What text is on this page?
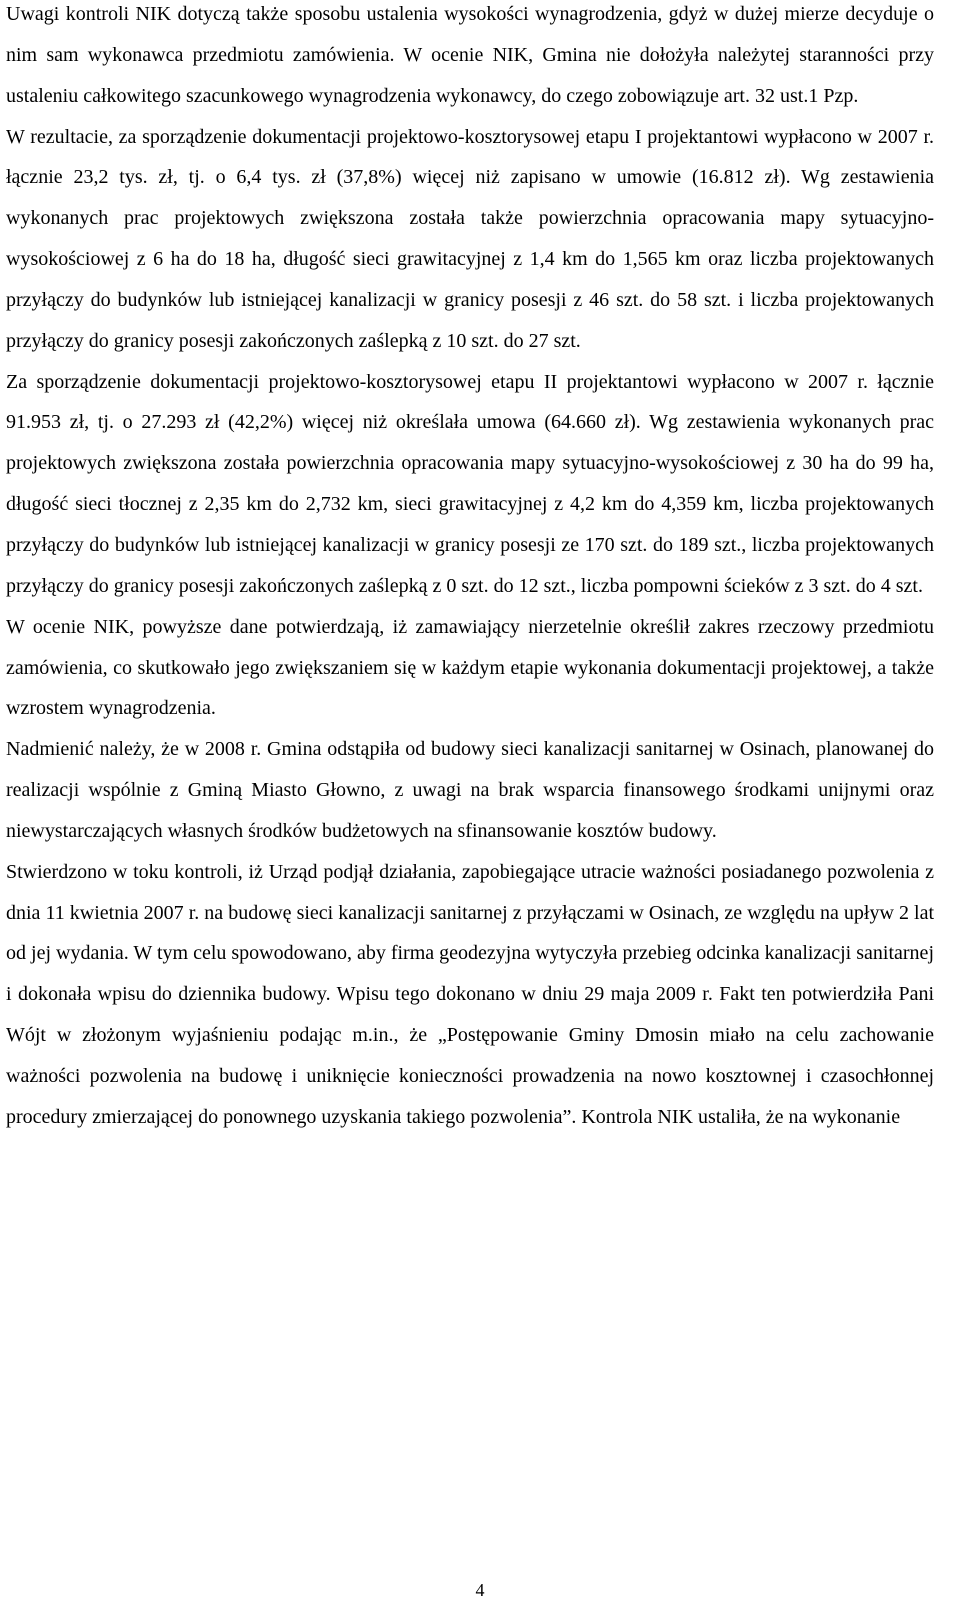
Uwagi kontroli NIK dotyczą także sposobu ustalenia wysokości wynagrodzenia, gdyż w dużej mierze decyduje o nim sam wykonawca przedmiotu zamówienia. W ocenie NIK, Gmina nie dołożyła należytej staranności przy ustaleniu całkowitego szacunkowego wynagrodzenia wykonawcy, do czego zobowiązuje art. 32 ust.1 Pzp.

W rezultacie, za sporządzenie dokumentacji projektowo-kosztorysowej etapu I projektantowi wypłacono w 2007 r. łącznie 23,2 tys. zł, tj. o 6,4 tys. zł (37,8%) więcej niż zapisano w umowie (16.812 zł). Wg zestawienia wykonanych prac projektowych zwiększona została także powierzchnia opracowania mapy sytuacyjno-wysokościowej z 6 ha do 18 ha, długość sieci grawitacyjnej z 1,4 km do 1,565 km oraz liczba projektowanych przyłączy do budynków lub istniejącej kanalizacji w granicy posesji z 46 szt. do 58 szt. i liczba projektowanych przyłączy do granicy posesji zakończonych zaślepką z 10 szt. do 27 szt.

Za sporządzenie dokumentacji projektowo-kosztorysowej etapu II projektantowi wypłacono w 2007 r. łącznie 91.953 zł, tj. o 27.293 zł (42,2%) więcej niż określała umowa (64.660 zł). Wg zestawienia wykonanych prac projektowych zwiększona została powierzchnia opracowania mapy sytuacyjno-wysokościowej z 30 ha do 99 ha, długość sieci tłocznej z 2,35 km do 2,732 km, sieci grawitacyjnej z 4,2 km do 4,359 km, liczba projektowanych przyłączy do budynków lub istniejącej kanalizacji w granicy posesji ze 170 szt. do 189 szt., liczba projektowanych przyłączy do granicy posesji zakończonych zaślepką z 0 szt. do 12 szt., liczba pompowni ścieków z 3 szt. do 4 szt.

W ocenie NIK, powyższe dane potwierdzają, iż zamawiający nierzetelnie określił zakres rzeczowy przedmiotu zamówienia, co skutkowało jego zwiększaniem się w każdym etapie wykonania dokumentacji projektowej, a także wzrostem wynagrodzenia.

Nadmienić należy, że w 2008 r. Gmina odstąpiła od budowy sieci kanalizacji sanitarnej w Osinach, planowanej do realizacji wspólnie z Gminą Miasto Głowno, z uwagi na brak wsparcia finansowego środkami unijnymi oraz niewystarczających własnych środków budżetowych na sfinansowanie kosztów budowy.

Stwierdzono w toku kontroli, iż Urząd podjął działania, zapobiegające utracie ważności posiadanego pozwolenia z dnia 11 kwietnia 2007 r. na budowę sieci kanalizacji sanitarnej z przyłączami w Osinach, ze względu na upływ 2 lat od jej wydania. W tym celu spowodowano, aby firma geodezyjna wytyczyła przebieg odcinka kanalizacji sanitarnej i dokonała wpisu do dziennika budowy. Wpisu tego dokonano w dniu 29 maja 2009 r. Fakt ten potwierdziła Pani Wójt w złożonym wyjaśnieniu podając m.in., że „Postępowanie Gminy Dmosin miało na celu zachowanie ważności pozwolenia na budowę i uniknięcie konieczności prowadzenia na nowo kosztownej i czasochłonnej procedury zmierzającej do ponownego uzyskania takiego pozwolenia”. Kontrola NIK ustaliła, że na wykonanie

4
